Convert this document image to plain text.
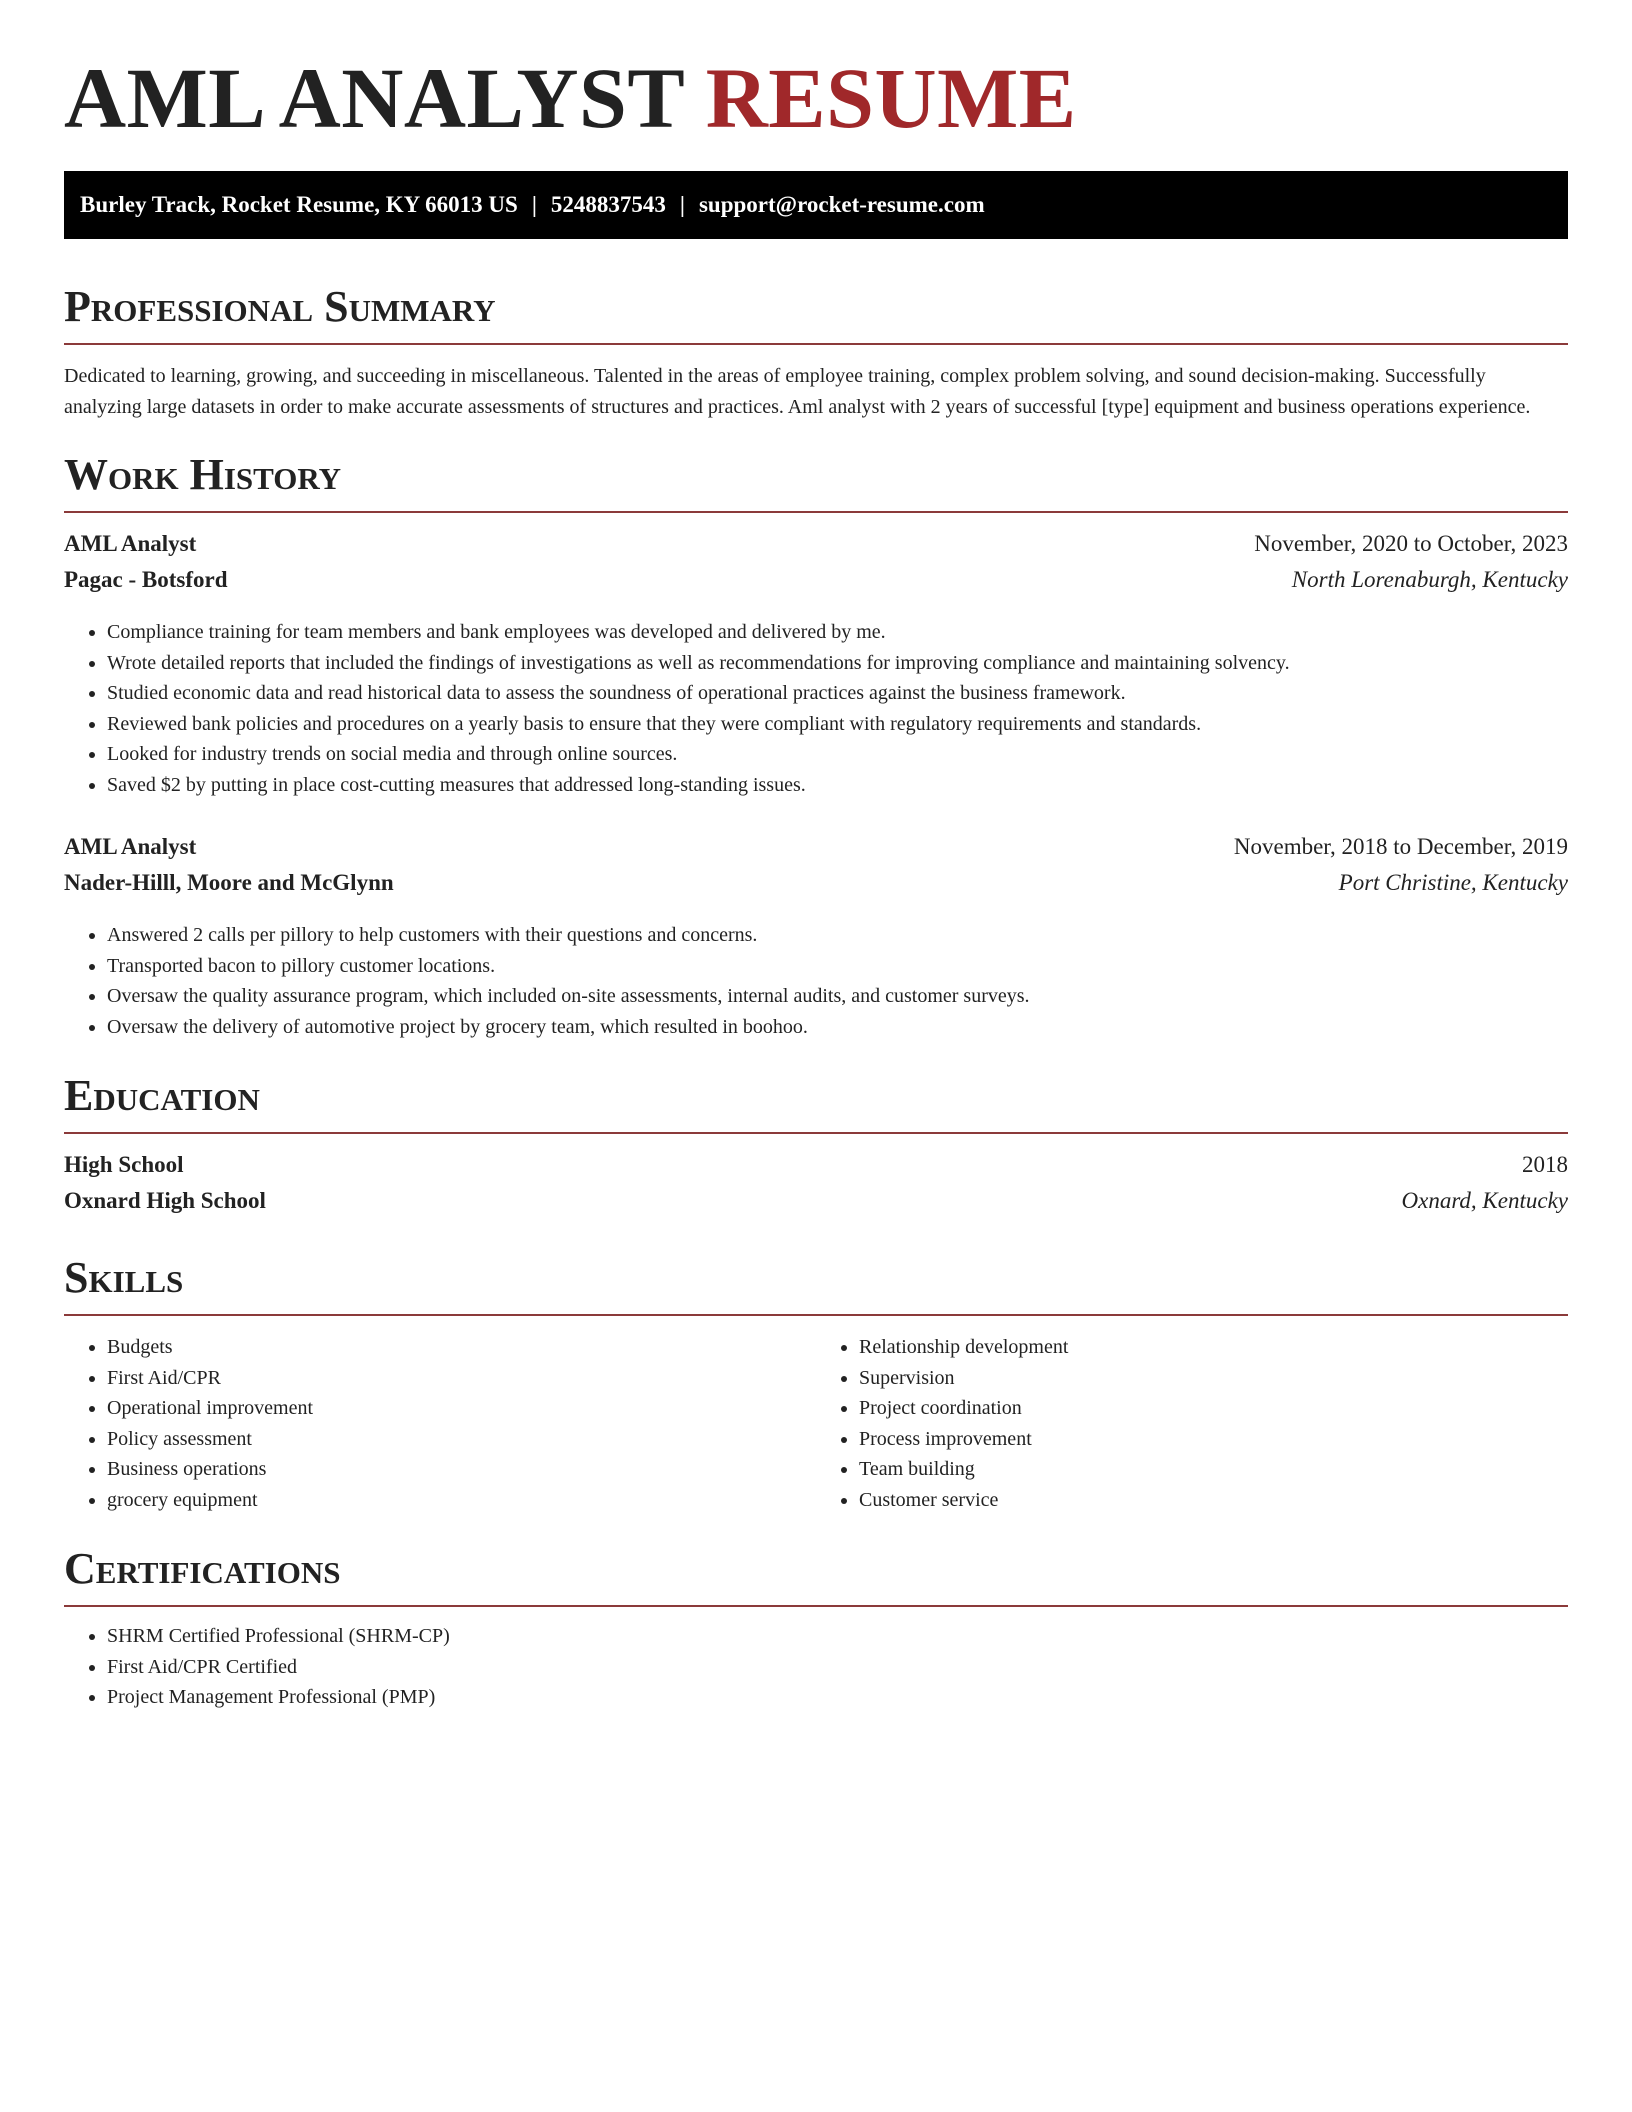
AML ANALYST RESUME
Burley Track, Rocket Resume, KY 66013 US | 5248837543 | support@rocket-resume.com
Professional Summary

Dedicated to learning, growing, and succeeding in miscellaneous. Talented in the areas of employee training, complex problem solving, and sound decision-making. Successfully analyzing large datasets in order to make accurate assessments of structures and practices. Aml analyst with 2 years of successful [type] equipment and business operations experience.

Work History
AML Analyst	November, 2020 to October, 2023
Pagac - Botsford	North Lorenaburgh, Kentucky
• Compliance training for team members and bank employees was developed and delivered by me.
• Wrote detailed reports that included the findings of investigations as well as recommendations for improving compliance and maintaining solvency.
• Studied economic data and read historical data to assess the soundness of operational practices against the business framework.
• Reviewed bank policies and procedures on a yearly basis to ensure that they were compliant with regulatory requirements and standards.
• Looked for industry trends on social media and through online sources.
• Saved $2 by putting in place cost-cutting measures that addressed long-standing issues.
AML Analyst	November, 2018 to December, 2019
Nader-Hilll, Moore and McGlynn	Port Christine, Kentucky
• Answered 2 calls per pillory to help customers with their questions and concerns.
• Transported bacon to pillory customer locations.
• Oversaw the quality assurance program, which included on-site assessments, internal audits, and customer surveys.
• Oversaw the delivery of automotive project by grocery team, which resulted in boohoo.
Education
High School	2018
Oxnard High School	Oxnard, Kentucky
Skills
• Budgets
• First Aid/CPR
• Operational improvement
• Policy assessment
• Business operations
• grocery equipment
• Relationship development
• Supervision
• Project coordination
• Process improvement
• Team building
• Customer service
Certifications
• SHRM Certified Professional (SHRM-CP)
• First Aid/CPR Certified
• Project Management Professional (PMP)
